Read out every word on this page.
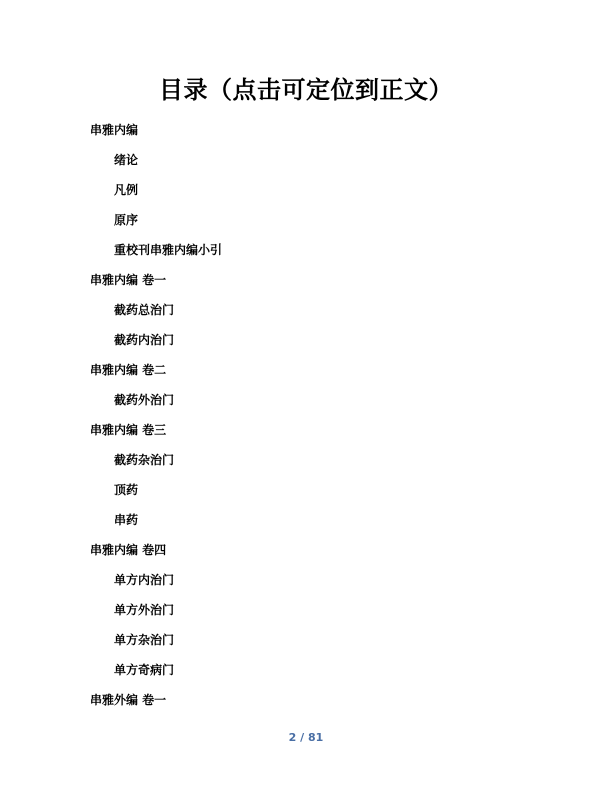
目录（点击可定位到正文）
串雅内编
绪论
凡例
原序
重校刊串雅内编小引
串雅内编 卷一
截药总治门
截药内治门
串雅内编 卷二
截药外治门
串雅内编 卷三
截药杂治门
顶药
串药
串雅内编 卷四
单方内治门
单方外治门
单方杂治门
单方奇病门
串雅外编 卷一
2 / 81
